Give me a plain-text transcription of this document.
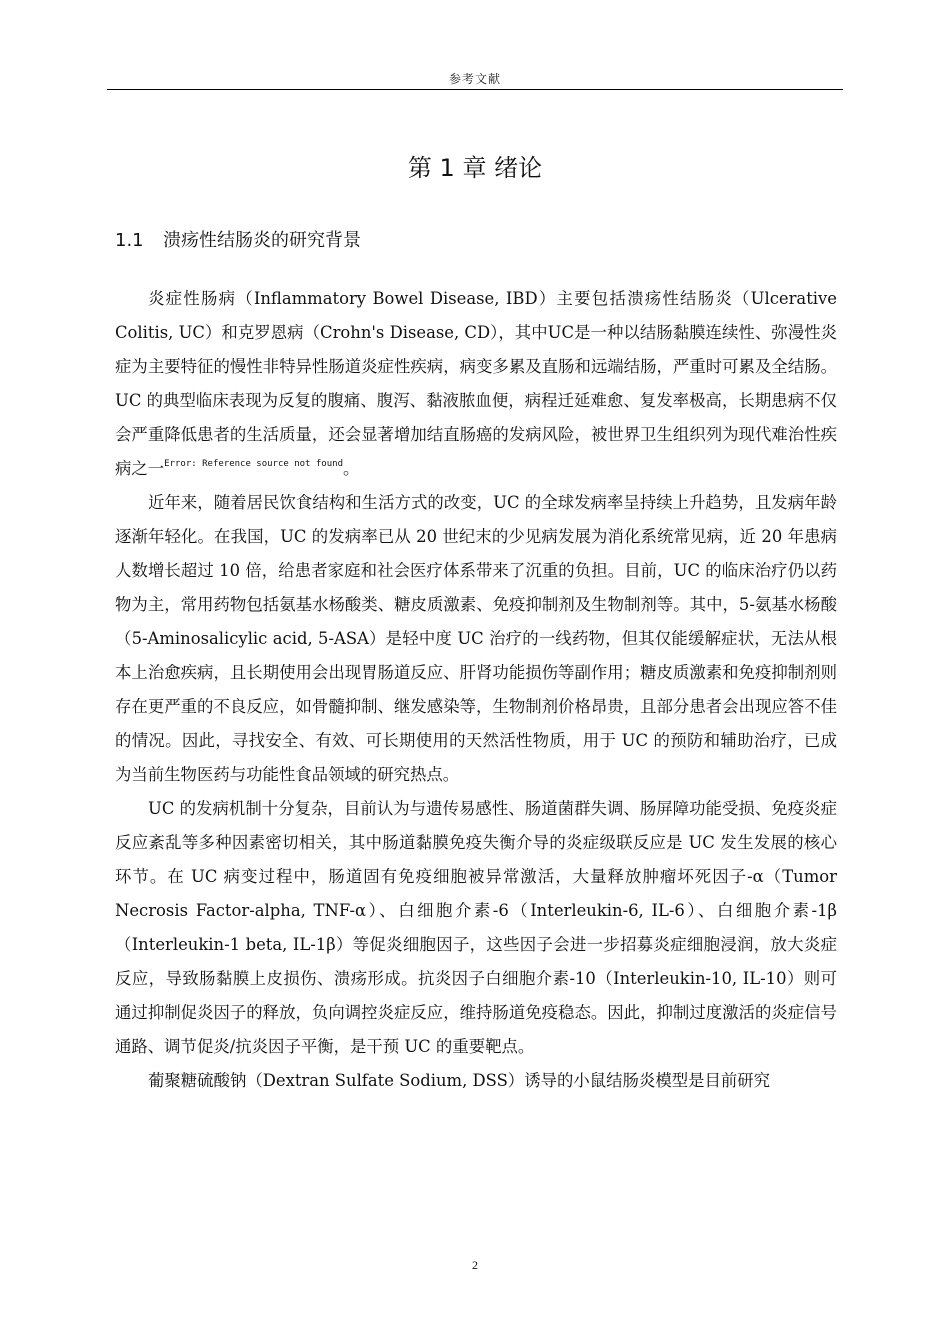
参考文献
第 1 章 绪论
1.1 溃疡性结肠炎的研究背景

炎症性肠病（Inflammatory Bowel Disease, IBD）主要包括溃疡性结肠炎（Ulcerative Colitis, UC）和克罗恩病（Crohn's Disease, CD），其中UC是一种以结肠黏膜连续性、弥漫性炎症为主要特征的慢性非特异性肠道炎症性疾病，病变多累及直肠和远端结肠，严重时可累及全结肠。UC 的典型临床表现为反复的腹痛、腹泻、黏液脓血便，病程迁延难愈、复发率极高，长期患病不仅会严重降低患者的生活质量，还会显著增加结直肠癌的发病风险，被世界卫生组织列为现代难治性疾病之一$^{Error: Reference source not found}$。

近年来，随着居民饮食结构和生活方式的改变，UC 的全球发病率呈持续上升趋势，且发病年龄逐渐年轻化。在我国，UC 的发病率已从 20 世纪末的少见病发展为消化系统常见病，近 20 年患病人数增长超过 10 倍，给患者家庭和社会医疗体系带来了沉重的负担。目前，UC 的临床治疗仍以药物为主，常用药物包括氨基水杨酸类、糖皮质激素、免疫抑制剂及生物制剂等。其中，5-氨基水杨酸（5-Aminosalicylic acid, 5-ASA）是轻中度 UC 治疗的一线药物，但其仅能缓解症状，无法从根本上治愈疾病，且长期使用会出现胃肠道反应、肝肾功能损伤等副作用；糖皮质激素和免疫抑制剂则存在更严重的不良反应，如骨髓抑制、继发感染等，生物制剂价格昂贵，且部分患者会出现应答不佳的情况。因此，寻找安全、有效、可长期使用的天然活性物质，用于 UC 的预防和辅助治疗，已成为当前生物医药与功能性食品领域的研究热点。

UC 的发病机制十分复杂，目前认为与遗传易感性、肠道菌群失调、肠屏障功能受损、免疫炎症反应紊乱等多种因素密切相关，其中肠道黏膜免疫失衡介导的炎症级联反应是 UC 发生发展的核心环节。在 UC 病变过程中，肠道固有免疫细胞被异常激活，大量释放肿瘤坏死因子-α（Tumor Necrosis Factor-alpha, TNF-α）、白细胞介素-6（Interleukin-6, IL-6）、白细胞介素-1β（Interleukin-1 beta, IL-1β）等促炎细胞因子，这些因子会进一步招募炎症细胞浸润，放大炎症反应，导致肠黏膜上皮损伤、溃疡形成。抗炎因子白细胞介素-10（Interleukin-10, IL-10）则可通过抑制促炎因子的释放，负向调控炎症反应，维持肠道免疫稳态。因此，抑制过度激活的炎症信号通路、调节促炎/抗炎因子平衡，是干预 UC 的重要靶点。

葡聚糖硫酸钠（Dextran Sulfate Sodium, DSS）诱导的小鼠结肠炎模型是目前研究

2
